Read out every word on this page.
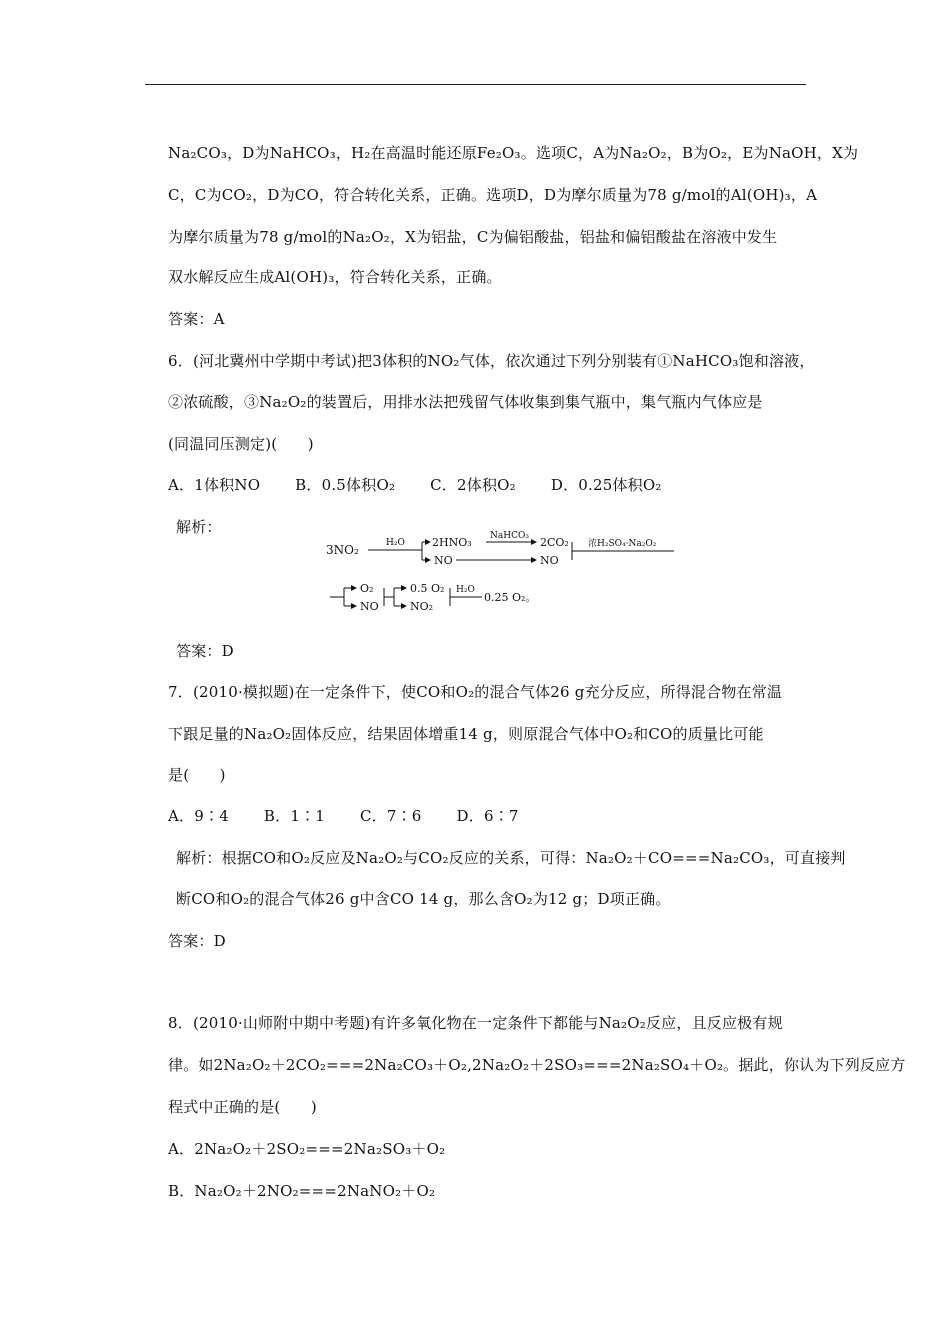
Na₂CO₃，D为NaHCO₃，H₂在高温时能还原Fe₂O₃。选项C，A为Na₂O₂，B为O₂，E为NaOH，X为
C，C为CO₂，D为CO，符合转化关系，正确。选项D，D为摩尔质量为78 g/mol的Al(OH)₃，A
为摩尔质量为78 g/mol的Na₂O₂，X为铝盐，C为偏铝酸盐，铝盐和偏铝酸盐在溶液中发生
双水解反应生成Al(OH)₃，符合转化关系，正确。
答案：A
6．(河北冀州中学期中考试)把3体积的NO₂气体，依次通过下列分别装有①NaHCO₃饱和溶液，
②浓硫酸，③Na₂O₂的装置后，用排水法把残留气体收集到集气瓶中，集气瓶内气体应是
(同温同压测定)(　　)
A．1体积NO B．0.5体积O₂ C．2体积O₂ D．0.25体积O₂
解析：
3NO₂	H₂O 2HNO₃
NO
NaHCO₃ 2CO₂
NO
浓H₂SO₄·Na₂O₂
O₂
NO
0.5 O₂
NO₂
H₂O
0.25 O₂。
答案：D
7．(2010·模拟题)在一定条件下，使CO和O₂的混合气体26 g充分反应，所得混合物在常温
下跟足量的Na₂O₂固体反应，结果固体增重14 g，则原混合气体中O₂和CO的质量比可能
是(　　)
A．9∶4 B．1∶1 C．7∶6 D．6∶7
解析：根据CO和O₂反应及Na₂O₂与CO₂反应的关系，可得：Na₂O₂＋CO===Na₂CO₃，可直接判
断CO和O₂的混合气体26 g中含CO 14 g，那么含O₂为12 g；D项正确。
答案：D
8．(2010·山师附中期中考题)有许多氧化物在一定条件下都能与Na₂O₂反应，且反应极有规
律。如2Na₂O₂＋2CO₂===2Na₂CO₃＋O₂,2Na₂O₂＋2SO₃===2Na₂SO₄＋O₂。据此，你认为下列反应方
程式中正确的是(　　)
A．2Na₂O₂＋2SO₂===2Na₂SO₃＋O₂
B．Na₂O₂＋2NO₂===2NaNO₂＋O₂
